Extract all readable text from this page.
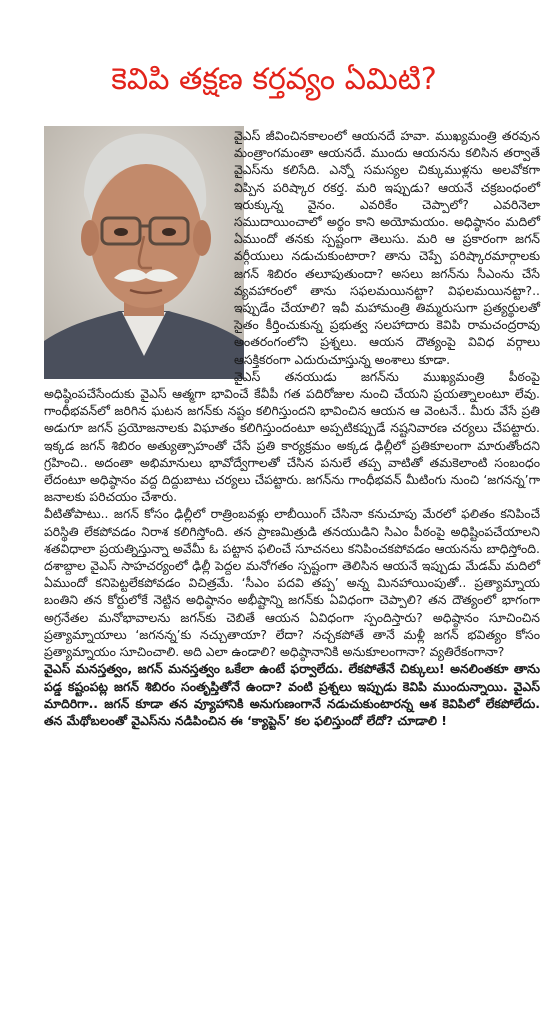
కెవిపి తక్షణ కర్తవ్యం ఏమిటి?

వైఎస్ జీవించినకాలంలో ఆయనదే హవా. ముఖ్యమంత్రి తరవున మంత్రాంగమంతా ఆయనదే. ముందు ఆయనను కలిసిన తర్వాతే వైఎస్‌ను కలిసేది. ఎన్నో సమస్యల చిక్కుముళ్లను అలవోకగా విప్పిన పరిష్కార రకర్త. మరి ఇప్పుడు? ఆయనే చక్రబంధంలో ఇరుక్కున్న వైనం. ఎవరికేం చెప్పాలో? ఎవరినెలా సముదాయించాలో అర్థం కాని అయోమయం. అధిష్ఠానం మదిలో ఏముందో తనకు స్పష్టంగా తెలుసు. మరి ఆ ప్రకారంగా జగన్ వర్గీయులు నడుచుకుంటారా? తాను చెప్పే పరిష్కారమార్గాలకు జగన్ శిబిరం తలూపుతుందా? అసలు జగన్‌ను సీఎంను చేసే వ్యవహారంలో తాను సఫలమయినట్టా? విఫలమయినట్టా?.. ఇప్పుడేం చేయాలి? ఇవీ మహామంత్రి తిమ్మరుసుగా ప్రత్యర్థులతో సైతం కీర్తించుకున్న ప్రభుత్వ సలహాదారు కెవిపి రామచంద్రరావు అంతరంగంలోని ప్రశ్నలు. ఆయన దౌత్యంపై వివిధ వర్గాలు ఆసక్తికరంగా ఎదురుచూస్తున్న అంశాలు కూడా.

వైఎస్ తనయుడు జగన్‌ను ముఖ్యమంత్రి పీఠంపై అధిష్ఠింపచేసేందుకు వైఎస్ ఆత్మగా భావించే కేవీపీ గత పదిరోజుల నుంచి చేయని ప్రయత్నాలంటూ లేవు. గాంధీభవన్‌లో జరిగిన ఘటన జగన్‌కు నష్టం కలిగిస్తుందని భావించిన ఆయన ఆ వెంటనే.. మీరు వేసే ప్రతి అడుగూ జగన్ ప్రయోజనాలకు విఘాతం కలిగిస్తుందంటూ అప్పటికప్పుడే నష్టనివారణ చర్యలు చేపట్టారు. ఇక్కడ జగన్ శిబిరం అత్యుత్సాహంతో చేసే ప్రతి కార్యక్రమం అక్కడ ఢిల్లీలో ప్రతికూలంగా మారుతోందని గ్రహించి.. అదంతా అభిమానులు భావోద్వేగాలతో చేసిన పనులే తప్ప వాటితో తమకెలాంటి సంబంధం లేదంటూ అధిష్ఠానం వద్ద దిద్దుబాటు చర్యలు చేపట్టారు. జగన్‌ను గాంధీభవన్ మీటింగు నుంచి ‘జగనన్న’గా జనాలకు పరిచయం చేశారు.

వీటితోపాటు.. జగన్ కోసం ఢిల్లీలో రాత్రింబవళ్లు లాబీయింగ్ చేసినా కనుచూపు మేరలో ఫలితం కనిపించే పరిస్థితి లేకపోవడం నిరాశ కలిగిస్తోంది. తన ప్రాణమిత్రుడి తనయుడిని సిఎం పీఠంపై అధిష్టింపచేయాలని శతవిధాలా ప్రయత్నిస్తున్నా అవేమీ ఓ పట్టాన ఫలించే సూచనలు కనిపించకపోవడం ఆయనను బాధిస్తోంది. దశాబ్దాల వైఎస్ సాహచర్యంలో ఢిల్లీ పెద్దల మనోగతం స్పష్టంగా తెలిసిన ఆయనే ఇప్పుడు మేడమ్ మదిలో ఏముందో కనిపెట్టలేకపోవడం విచిత్రమే. ‘సీఎం పదవి తప్ప’ అన్న మినహాయింపుతో.. ప్రత్యామ్నాయ బంతిని తన కోర్టులోకే నెట్టిన అధిష్ఠానం అభీష్టాన్ని జగన్‌కు ఏవిధంగా చెప్పాలి? తన దౌత్యంలో భాగంగా అగ్రనేతల మనోభావాలను జగన్‌కు చెబితే ఆయన ఏవిధంగా స్పందిస్తారు? అధిష్ఠానం సూచించిన ప్రత్యామ్నాయాలు ‘జగనన్న’కు నచ్చుతాయా? లేదా? నచ్చకపోతే తానే మళ్లీ జగన్ భవిత్యం కోసం ప్రత్యామ్నాయం సూచించాలి. అది ఎలా ఉండాలి? అధిష్ఠానానికి అనుకూలంగానా? వ్యతిరేకంగానా?

వైఎస్ మనస్తత్వం, జగన్ మనస్తత్వం ఒకేలా ఉంటే ఫర్వాలేదు. లేకపోతేనే చిక్కులు! అనలింతకూ తాను పడ్డ కష్టంపట్ల జగన్ శిబిరం సంతృప్తితోనే ఉందా? వంటి ప్రశ్నలు ఇప్పుడు కెవిపి ముందున్నాయి. వైఎస్ మాదిరిగా.. జగన్ కూడా తన వ్యూహానికి అనుగుణంగానే నడుచుకుంటారన్న ఆశ కెవిపిలో లేకపోలేదు. తన మేథోబలంతో వైఎస్‌ను నడిపించిన ఈ ‘క్యాప్టెన్’ కల ఫలిస్తుందో లేదో? చూడాలి !
